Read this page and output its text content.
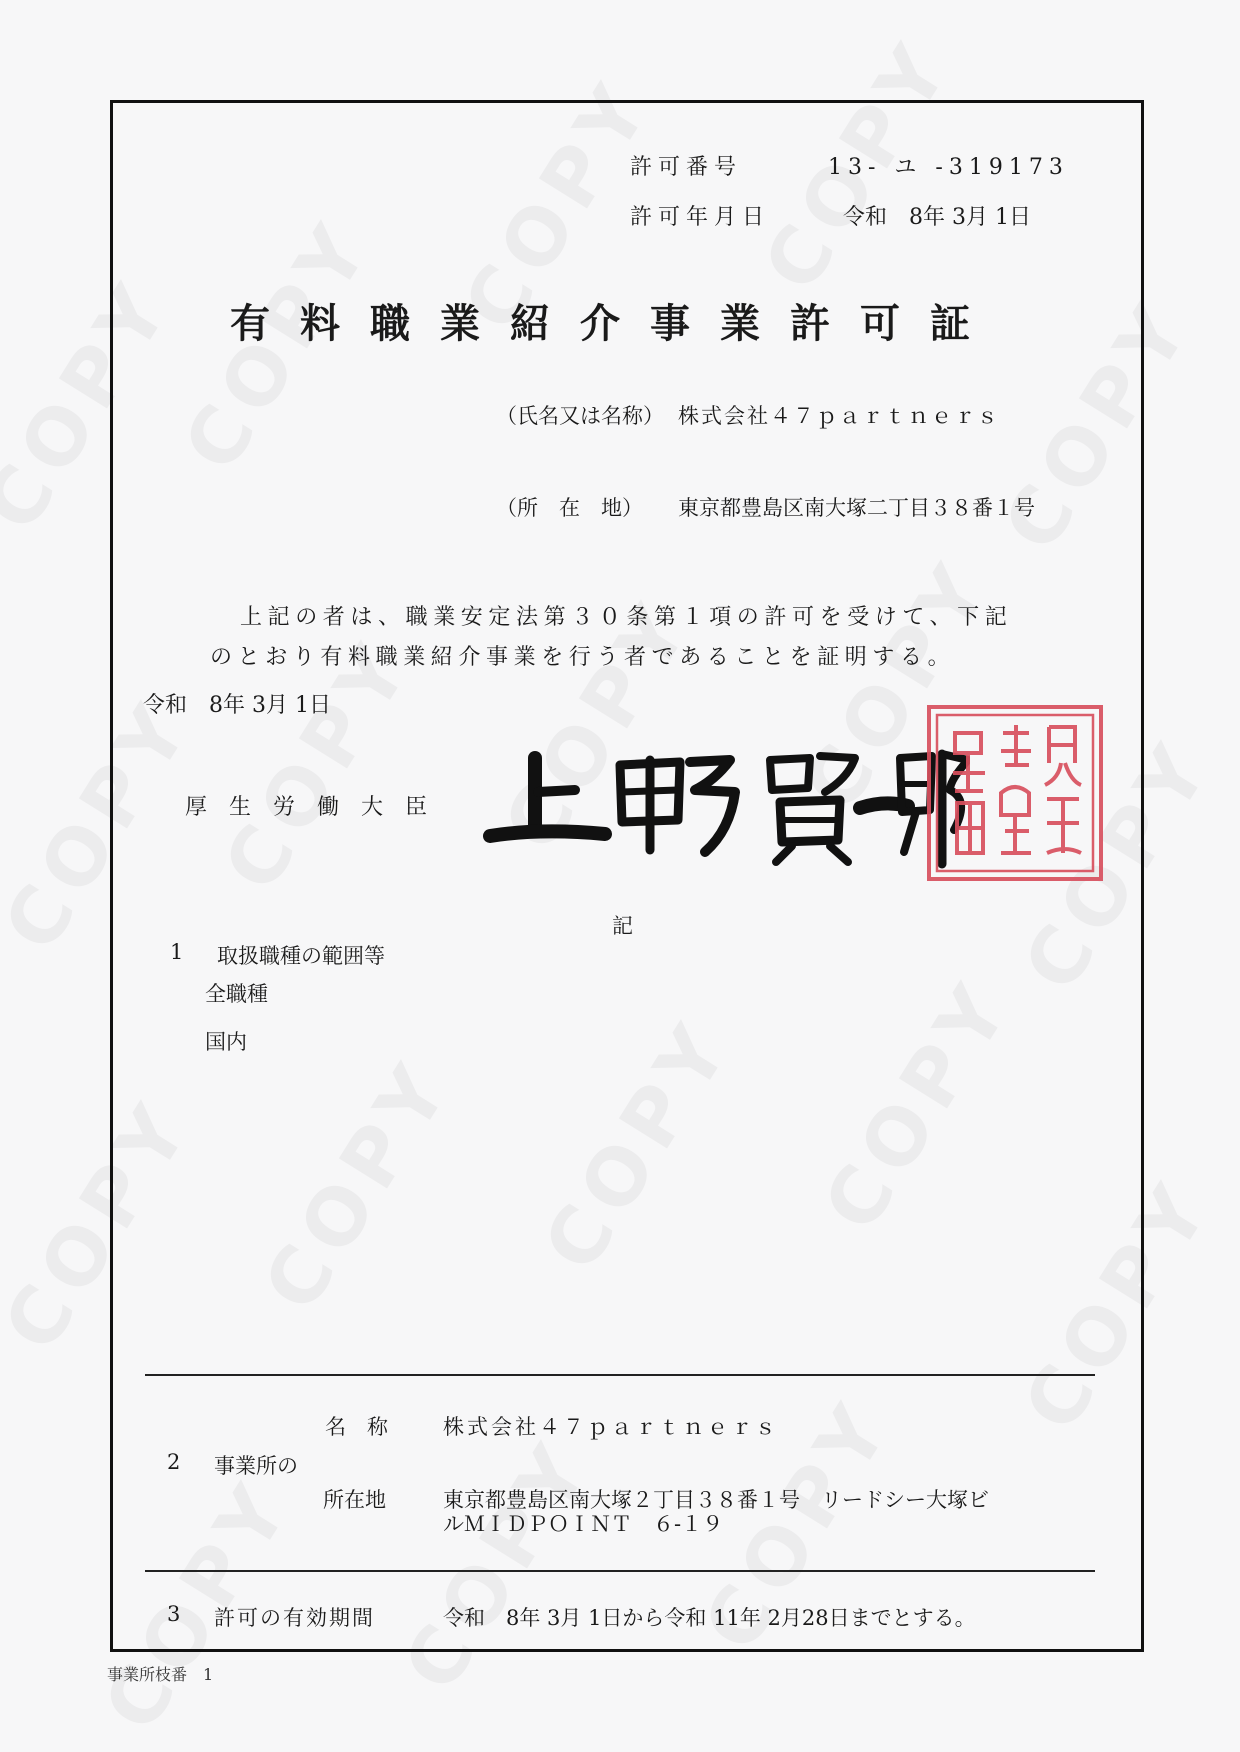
許可番号	13- ユ -319173
許可年月日	令和　8年 3月 1日
有料職業紹介事業許可証
（氏名又は名称） 株式会社４７ｐａｒｔｎｅｒｓ
（所　在　地） 東京都豊島区南大塚二丁目３８番１号
上記の者は、職業安定法第３０条第１項の許可を受けて、下記
のとおり有料職業紹介事業を行う者であることを証明する。
令和　8年 3月 1日
厚生労働大臣
記
1 取扱職種の範囲等
全職種
国内
名　称	株式会社４７ｐａｒｔｎｅｒｓ
2 事業所の
所在地	東京都豊島区南大塚２丁目３８番１号　リードシー大塚ビ
ルＭＩＤＰＯＩＮＴ　６-１９
3 許可の有効期間	令和　8年 3月 1日から令和 11年 2月28日までとする。
事業所枝番　1
